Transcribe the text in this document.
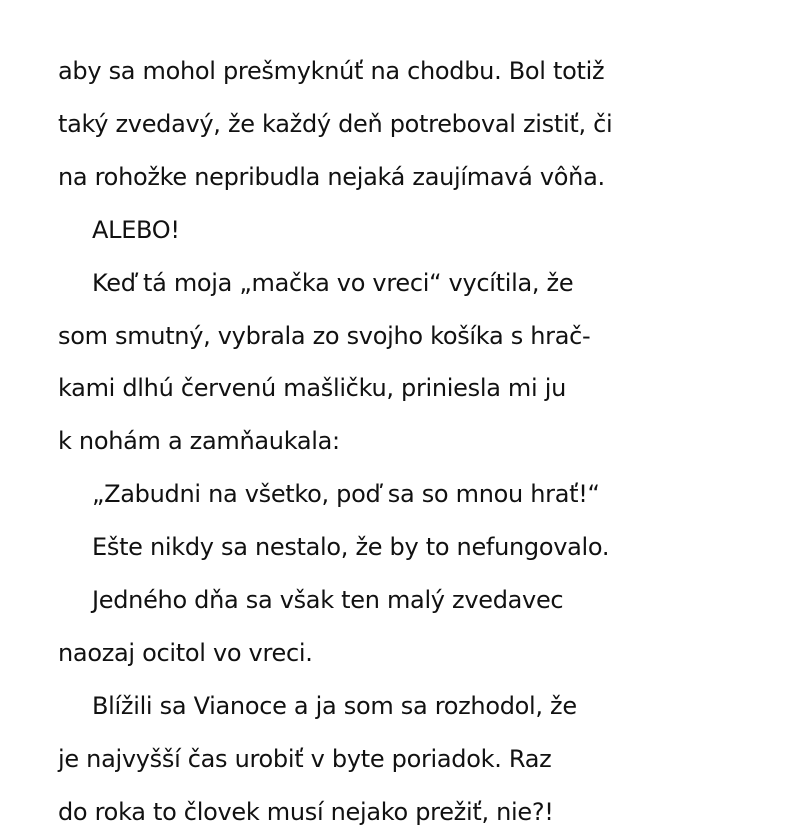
aby sa mohol prešmyknúť na chodbu. Bol totiž
taký zvedavý, že každý deň potreboval zistiť, či
na rohožke nepribudla nejaká zaujímavá vôňa.
ALEBO!
Keď tá moja „mačka vo vreci“ vycítila, že
som smutný, vybrala zo svojho košíka s hrač-
kami dlhú červenú mašličku, priniesla mi ju
k nohám a zamňaukala:
„Zabudni na všetko, poď sa so mnou hrať!“
Ešte nikdy sa nestalo, že by to nefungovalo.
Jedného dňa sa však ten malý zvedavec
naozaj ocitol vo vreci.
Blížili sa Vianoce a ja som sa rozhodol, že
je najvyšší čas urobiť v byte poriadok. Raz
do roka to človek musí nejako prežiť, nie?!
